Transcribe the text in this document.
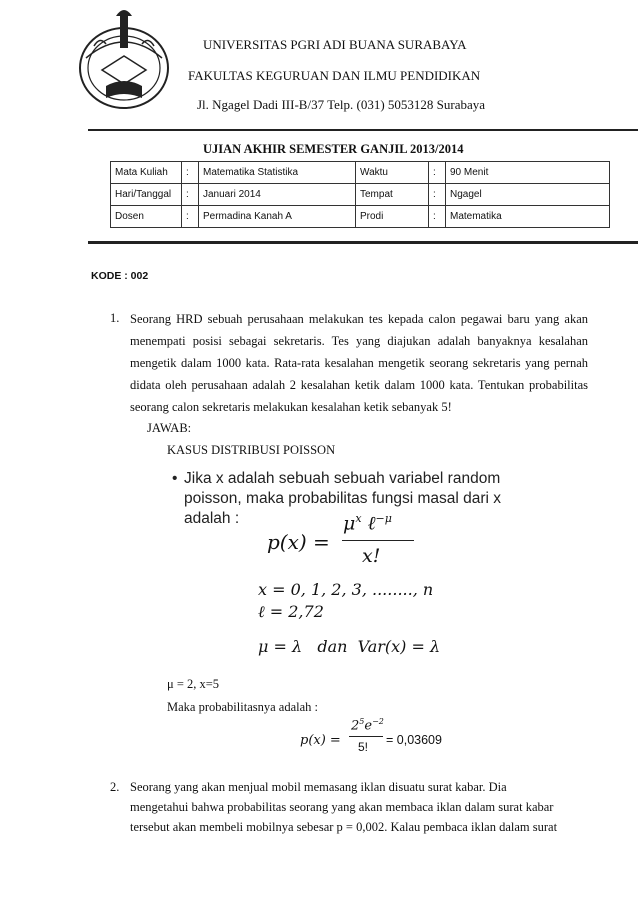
UNIVERSITAS PGRI ADI BUANA SURABAYA
FAKULTAS KEGURUAN DAN ILMU PENDIDIKAN
Jl. Ngagel Dadi III-B/37 Telp. (031) 5053128 Surabaya
UJIAN AKHIR SEMESTER GANJIL 2013/2014
Mata Kuliah	:	Matematika Statistika	Waktu	:	90 Menit
Hari/Tanggal	:	Januari 2014	Tempat	:	Ngagel
Dosen	:	Permadina Kanah A	Prodi	:	Matematika
KODE : 002
1. Seorang HRD sebuah perusahaan melakukan tes kepada calon pegawai baru yang akan menempati posisi sebagai sekretaris. Tes yang diajukan adalah banyaknya kesalahan mengetik dalam 1000 kata. Rata-rata kesalahan mengetik seorang sekretaris yang pernah didata oleh perusahaan adalah 2 kesalahan ketik dalam 1000 kata. Tentukan probabilitas seorang calon sekretaris melakukan kesalahan ketik sebanyak 5!
JAWAB:
KASUS DISTRIBUSI POISSON
• Jika x adalah sebuah sebuah variabel random
poisson, maka probabilitas fungsi masal dari x
adalah :
p(x) =
$\mu^x$ ℓ$^{-\mu}$
x!
x = 0, 1, 2, 3, ........, n
ℓ = 2,72
μ = λ   dan  Var(x) = λ
μ = 2, x=5
Maka probabilitasnya adalah :
p(x) =
$2^5e^{-2}$
5! = 0,03609
2. Seorang yang akan menjual mobil memasang iklan disuatu surat kabar. Dia
mengetahui bahwa probabilitas seorang yang akan membaca iklan dalam surat kabar
tersebut akan membeli mobilnya sebesar p = 0,002. Kalau pembaca iklan dalam surat
